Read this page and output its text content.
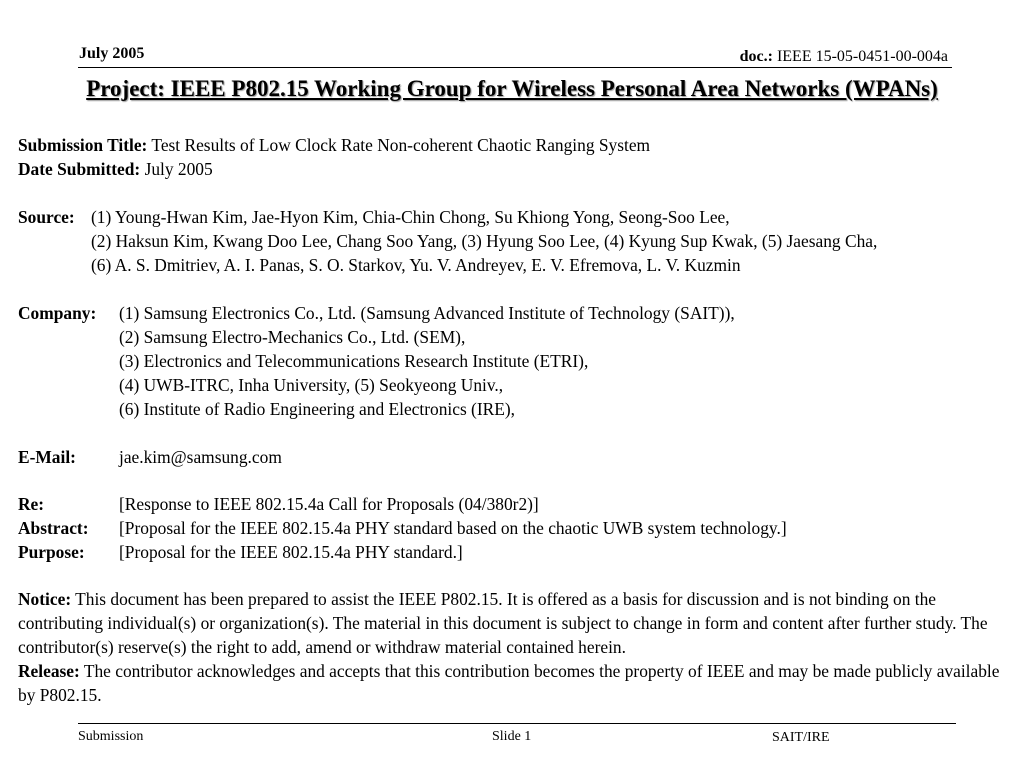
July 2005	doc.: IEEE 15-05-0451-00-004a
Project: IEEE P802.15 Working Group for Wireless Personal Area Networks (WPANs)
Submission Title: Test Results of Low Clock Rate Non-coherent Chaotic Ranging System
Date Submitted: July 2005
Source: (1) Young-Hwan Kim, Jae-Hyon Kim, Chia-Chin Chong, Su Khiong Yong, Seong-Soo Lee,
(2) Haksun Kim, Kwang Doo Lee, Chang Soo Yang, (3) Hyung Soo Lee, (4) Kyung Sup Kwak, (5) Jaesang Cha,
(6) A. S. Dmitriev, A. I. Panas, S. O. Starkov, Yu. V. Andreyev, E. V. Efremova, L. V. Kuzmin
Company: (1) Samsung Electronics Co., Ltd. (Samsung Advanced Institute of Technology (SAIT)),
(2) Samsung Electro-Mechanics Co., Ltd. (SEM),
(3) Electronics and Telecommunications Research Institute (ETRI),
(4) UWB-ITRC, Inha University, (5) Seokyeong Univ.,
(6) Institute of Radio Engineering and Electronics (IRE),
E-Mail: jae.kim@samsung.com
Re:	[Response to IEEE 802.15.4a Call for Proposals (04/380r2)]
Abstract: [Proposal for the IEEE 802.15.4a PHY standard based on the chaotic UWB system technology.]
Purpose: [Proposal for the IEEE 802.15.4a PHY standard.]
Notice: This document has been prepared to assist the IEEE P802.15. It is offered as a basis for discussion and is not binding on the contributing individual(s) or organization(s). The material in this document is subject to change in form and content after further study. The contributor(s) reserve(s) the right to add, amend or withdraw material contained herein.
Release: The contributor acknowledges and accepts that this contribution becomes the property of IEEE and may be made publicly available by P802.15.
Submission	Slide 1	SAIT/IRE
